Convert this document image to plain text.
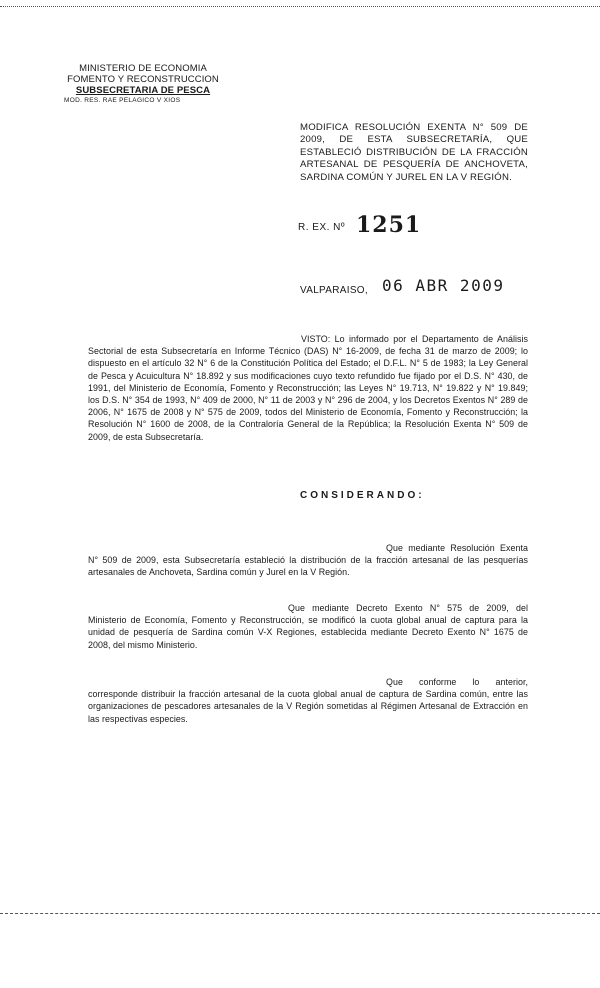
MINISTERIO DE ECONOMIA
FOMENTO Y RECONSTRUCCION
SUBSECRETARIA DE PESCA
MOD. RES. RAE PELAGICO V XIOS
MODIFICA RESOLUCIÓN EXENTA N° 509 DE 2009, DE ESTA SUBSECRETARÍA, QUE ESTABLECIÓ DISTRIBUCIÓN DE LA FRACCIÓN ARTESANAL DE PESQUERÍA DE ANCHOVETA, SARDINA COMÚN Y JUREL EN LA V REGIÓN.
R. EX. Nº 1251
VALPARAISO, 06 ABR 2009
VISTO: Lo informado por el Departamento de Análisis Sectorial de esta Subsecretaría en Informe Técnico (DAS) N° 16-2009, de fecha 31 de marzo de 2009; lo dispuesto en el artículo 32 N° 6 de la Constitución Política del Estado; el D.F.L. N° 5 de 1983; la Ley General de Pesca y Acuicultura N° 18.892 y sus modificaciones cuyo texto refundido fue fijado por el D.S. N° 430, de 1991, del Ministerio de Economía, Fomento y Reconstrucción; las Leyes N° 19.713, N° 19.822 y N° 19.849; los D.S. N° 354 de 1993, N° 409 de 2000, N° 11 de 2003 y N° 296 de 2004, y los Decretos Exentos N° 289 de 2006, N° 1675 de 2008 y N° 575 de 2009, todos del Ministerio de Economía, Fomento y Reconstrucción; la Resolución N° 1600 de 2008, de la Contraloría General de la República; la Resolución Exenta N° 509 de 2009, de esta Subsecretaría.
CONSIDERANDO:
Que mediante Resolución Exenta N° 509 de 2009, esta Subsecretaría estableció la distribución de la fracción artesanal de las pesquerías artesanales de Anchoveta, Sardina común y Jurel en la V Región.
Que mediante Decreto Exento N° 575 de 2009, del Ministerio de Economía, Fomento y Reconstrucción, se modificó la cuota global anual de captura para la unidad de pesquería de Sardina común V-X Regiones, establecida mediante Decreto Exento N° 1675 de 2008, del mismo Ministerio.
Que conforme lo anterior, corresponde distribuir la fracción artesanal de la cuota global anual de captura de Sardina común, entre las organizaciones de pescadores artesanales de la V Región sometidas al Régimen Artesanal de Extracción en las respectivas especies.
